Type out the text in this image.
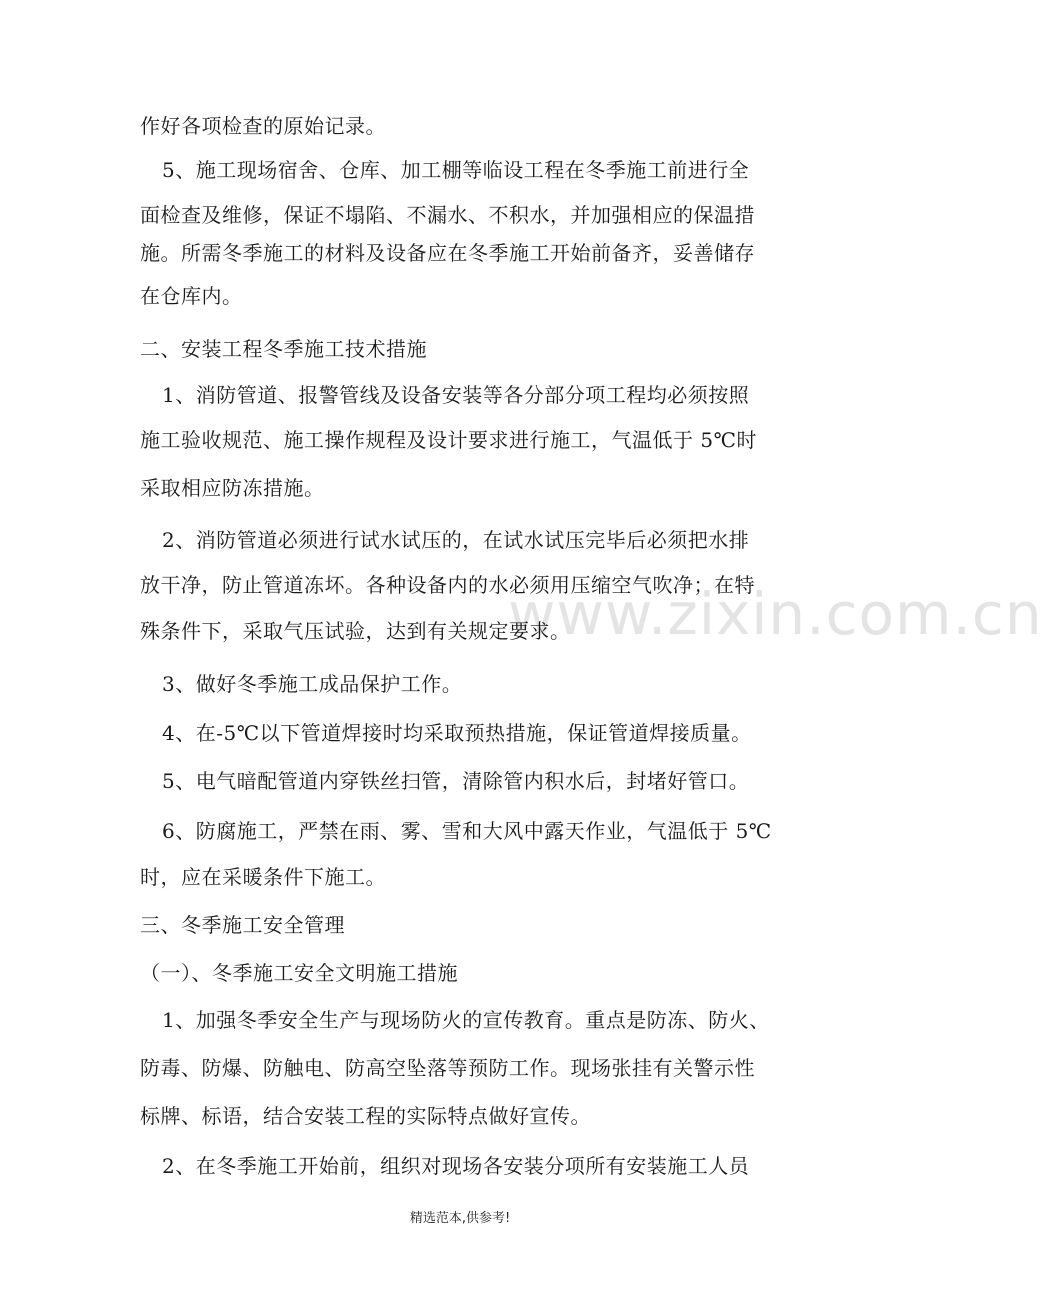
www.zixin.com.cn
作好各项检查的原始记录。
5、施工现场宿舍、仓库、加工棚等临设工程在冬季施工前进行全
面检查及维修，保证不塌陷、不漏水、不积水，并加强相应的保温措
施。所需冬季施工的材料及设备应在冬季施工开始前备齐，妥善储存
在仓库内。
二、安装工程冬季施工技术措施
1、消防管道、报警管线及设备安装等各分部分项工程均必须按照
施工验收规范、施工操作规程及设计要求进行施工，气温低于 5℃时
采取相应防冻措施。
2、消防管道必须进行试水试压的，在试水试压完毕后必须把水排
放干净，防止管道冻坏。各种设备内的水必须用压缩空气吹净；在特
殊条件下，采取气压试验，达到有关规定要求。
3、做好冬季施工成品保护工作。
4、在-5℃以下管道焊接时均采取预热措施，保证管道焊接质量。
5、电气暗配管道内穿铁丝扫管，清除管内积水后，封堵好管口。
6、防腐施工，严禁在雨、雾、雪和大风中露天作业，气温低于 5℃
时，应在采暖条件下施工。
三、冬季施工安全管理
（一）、冬季施工安全文明施工措施
1、加强冬季安全生产与现场防火的宣传教育。重点是防冻、防火、
防毒、防爆、防触电、防高空坠落等预防工作。现场张挂有关警示性
标牌、标语，结合安装工程的实际特点做好宣传。
2、在冬季施工开始前，组织对现场各安装分项所有安装施工人员
精选范本,供参考!
